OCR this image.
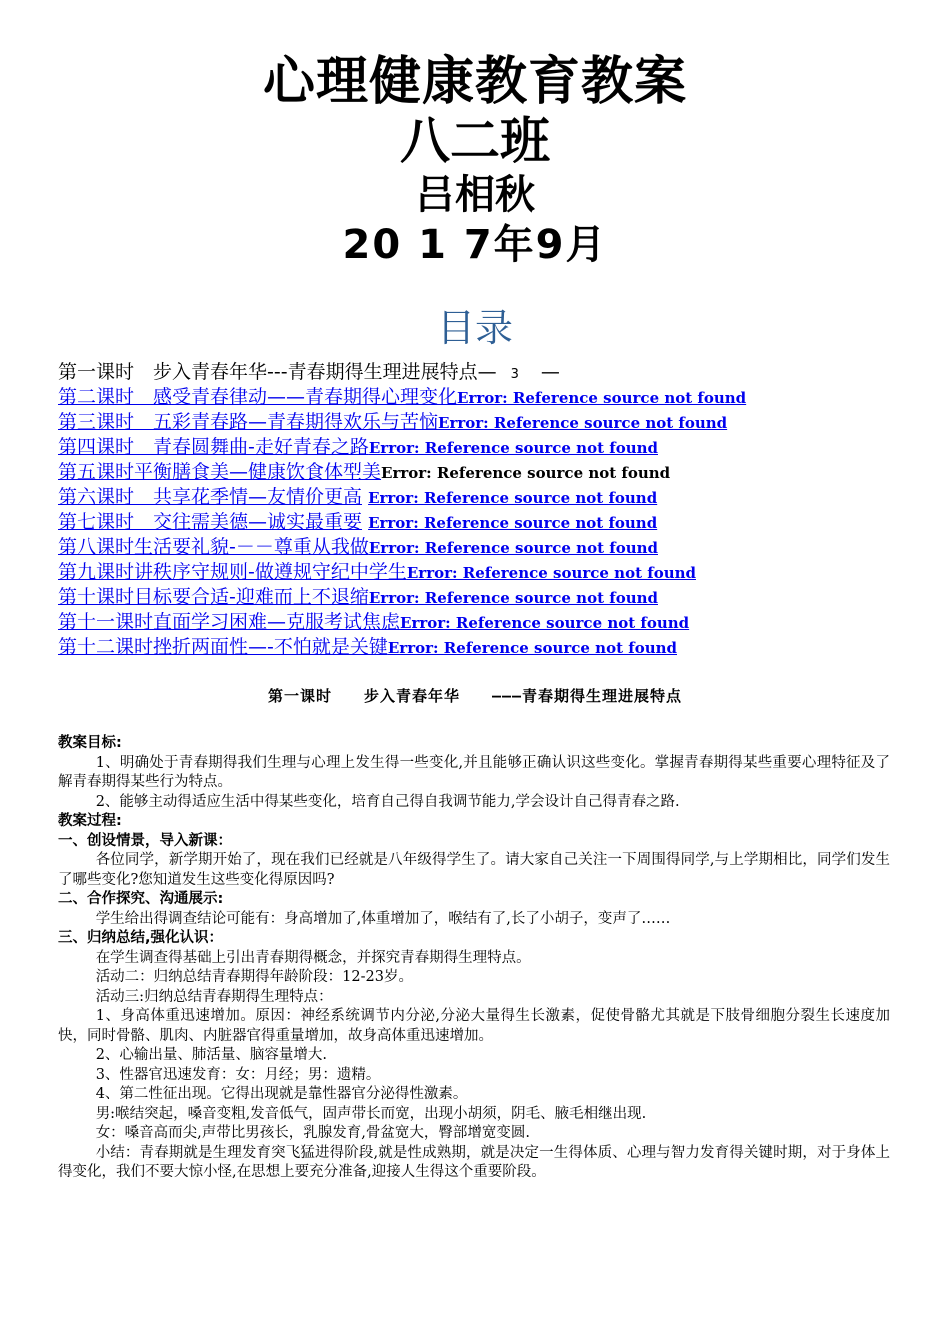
心理健康教育教案
八二班
吕相秋
20 1 7年9月
目录
第一课时　步入青春年华---青春期得生理进展特点— 3 —
第二课时　感受青春律动——青春期得心理变化Error: Reference source not found
第三课时　五彩青春路—青春期得欢乐与苦恼Error: Reference source not found
第四课时　青春圆舞曲-走好青春之路Error: Reference source not found
第五课时平衡膳食美—健康饮食体型美Error: Reference source not found
第六课时　共享花季情—友情价更高 Error: Reference source not found
第七课时　交往需美德—诚实最重要 Error: Reference source not found
第八课时生活要礼貌-－－尊重从我做Error: Reference source not found
第九课时讲秩序守规则-做遵规守纪中学生Error: Reference source not found
第十课时目标要合适-迎难而上不退缩Error: Reference source not found
第十一课时直面学习困难—克服考试焦虑Error: Reference source not found
第十二课时挫折两面性—-不怕就是关键Error: Reference source not found
第一课时　　步入青春年华　　———青春期得生理进展特点

教案目标:

1、明确处于青春期得我们生理与心理上发生得一些变化,并且能够正确认识这些变化。掌握青春期得某些重要心理特征及了解青春期得某些行为特点。

2、能够主动得适应生活中得某些变化，培育自己得自我调节能力,学会设计自己得青春之路.

教案过程:

一、创设情景，导入新课：

各位同学，新学期开始了，现在我们已经就是八年级得学生了。请大家自己关注一下周围得同学,与上学期相比，同学们发生了哪些变化?您知道发生这些变化得原因吗?

二、合作探究、沟通展示:

学生给出得调查结论可能有：身高增加了,体重增加了，喉结有了,长了小胡子，变声了……

三、归纳总结,强化认识：

在学生调查得基础上引出青春期得概念，并探究青春期得生理特点。

活动二：归纳总结青春期得年龄阶段：12-23岁。

活动三:归纳总结青春期得生理特点：

1、身高体重迅速增加。原因：神经系统调节内分泌,分泌大量得生长激素，促使骨骼尤其就是下肢骨细胞分裂生长速度加快，同时骨骼、肌肉、内脏器官得重量增加，故身高体重迅速增加。

2、心输出量、肺活量、脑容量增大.

3、性器官迅速发育：女：月经；男：遗精。

4、第二性征出现。它得出现就是靠性器官分泌得性激素。

男:喉结突起，嗓音变粗,发音低气，固声带长而宽，出现小胡须，阴毛、腋毛相继出现.

女：嗓音高而尖,声带比男孩长，乳腺发育,骨盆宽大，臀部增宽变圆.

小结：青春期就是生理发育突飞猛进得阶段,就是性成熟期，就是决定一生得体质、心理与智力发育得关键时期，对于身体上得变化，我们不要大惊小怪,在思想上要充分准备,迎接人生得这个重要阶段。
